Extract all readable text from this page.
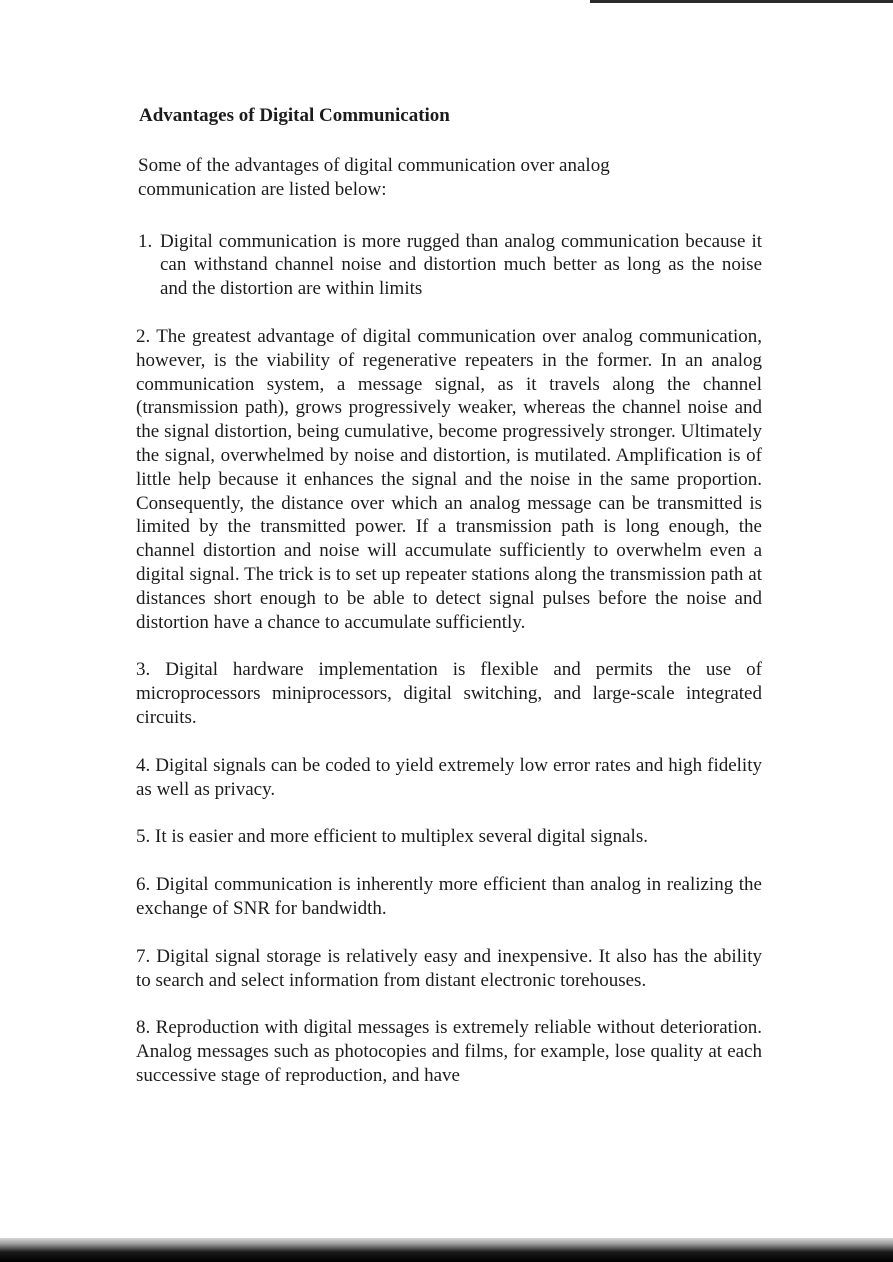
Advantages of Digital Communication
Some of the advantages of digital communication over analog communication are listed below:
1. Digital communication is more rugged than analog communication because it can withstand channel noise and distortion much better as long as the noise and the distortion are within limits
2. The greatest advantage of digital communication over analog communication, however, is the viability of regenerative repeaters in the former. In an analog communication system, a message signal, as it travels along the channel (transmission path), grows progressively weaker, whereas the channel noise and the signal distortion, being cumulative, become progressively stronger. Ultimately the signal, overwhelmed by noise and distortion, is mutilated. Amplification is of little help because it enhances the signal and the noise in the same proportion. Consequently, the distance over which an analog message can be transmitted is limited by the transmitted power. If a transmission path is long enough, the channel distortion and noise will accumulate sufficiently to overwhelm even a digital signal. The trick is to set up repeater stations along the transmission path at distances short enough to be able to detect signal pulses before the noise and distortion have a chance to accumulate sufficiently.
3. Digital hardware implementation is flexible and permits the use of microprocessors miniprocessors, digital switching, and large-scale integrated circuits.
4. Digital signals can be coded to yield extremely low error rates and high fidelity as well as privacy.
5. It is easier and more efficient to multiplex several digital signals.
6. Digital communication is inherently more efficient than analog in realizing the exchange of SNR for bandwidth.
7. Digital signal storage is relatively easy and inexpensive. It also has the ability to search and select information from distant electronic torehouses.
8. Reproduction with digital messages is extremely reliable without deterioration. Analog messages such as photocopies and films, for example, lose quality at each successive stage of reproduction, and have
